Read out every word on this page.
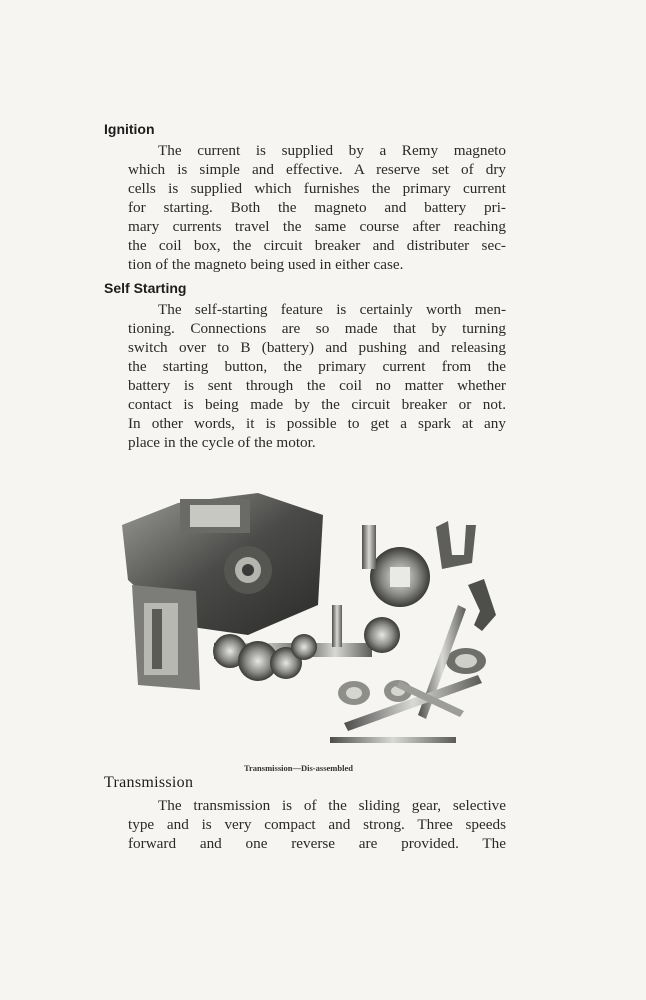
Ignition
The current is supplied by a Remy magneto
which is simple and effective. A reserve set of dry
cells is supplied which furnishes the primary current
for starting. Both the magneto and battery pri-
mary currents travel the same course after reaching
the coil box, the circuit breaker and distributer sec-
tion of the magneto being used in either case.
Self Starting
The self-starting feature is certainly worth men-
tioning. Connections are so made that by turning
switch over to B (battery) and pushing and releasing
the starting button, the primary current from the
battery is sent through the coil no matter whether
contact is being made by the circuit breaker or not.
In other words, it is possible to get a spark at any
place in the cycle of the motor.
Transmission—Dis-assembled
Transmission
The transmission is of the sliding gear, selective
type and is very compact and strong. Three speeds
forward and one reverse are provided. The
